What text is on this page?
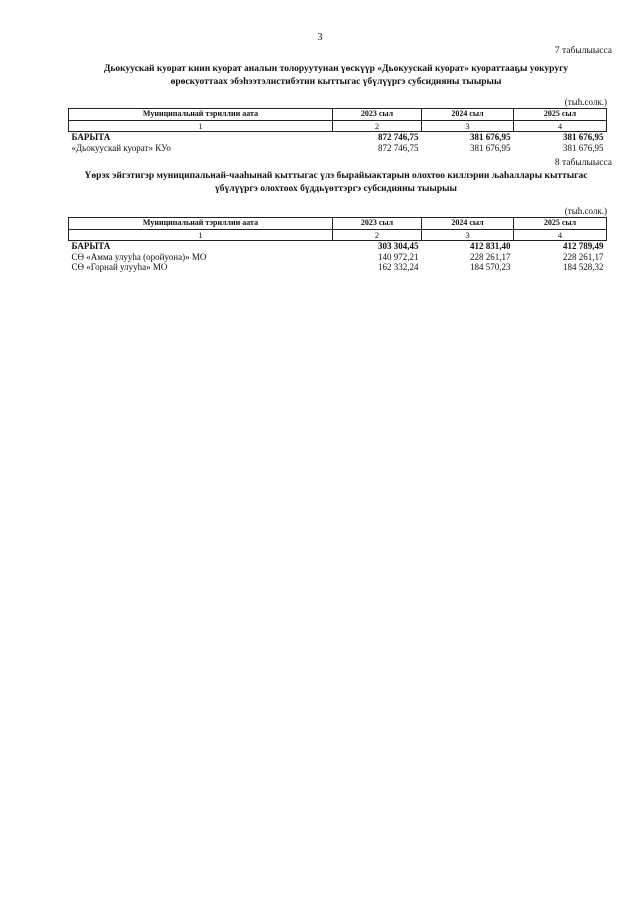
3
7 табылыысса
Дьокуускай куорат киин куорат аналын толоруутунан үөскүүр «Дьокуускай куорат» куораттааҕы уокуругу
өрөскуоттаах эбэһээтэлистибэтин кыттыгас үбүлүүргэ субсидияны тыырыы
(тыһ.солк.)
Муниципальнай тэриллии аата	2023 сыл	2024 сыл	2025 сыл
1	2	3	4
БАРЫТА	872 746,75	381 676,95	381 676,95
«Дьокуускай куорат» КУо	872 746,75	381 676,95	381 676,95
8 табылыысса
Үөрэх эйгэтигэр муниципальнай-чааһынай кыттыгас үлэ бырайыактарын олохтоо киллэрии љаһаллары кыттыгас
үбүлүүргэ олохтоох бүддьүөттэргэ субсидияны тыырыы
(тыһ.солк.)
Муниципальнай тэриллии аата	2023 сыл	2024 сыл	2025 сыл
1	2	3	4
БАРЫТА	303 304,45	412 831,40	412 789,49
СӨ «Амма улууһа (оройуона)» МО	140 972,21	228 261,17	228 261,17
СӨ «Горнай улууһа» МО	162 332,24	184 570,23	184 528,32
